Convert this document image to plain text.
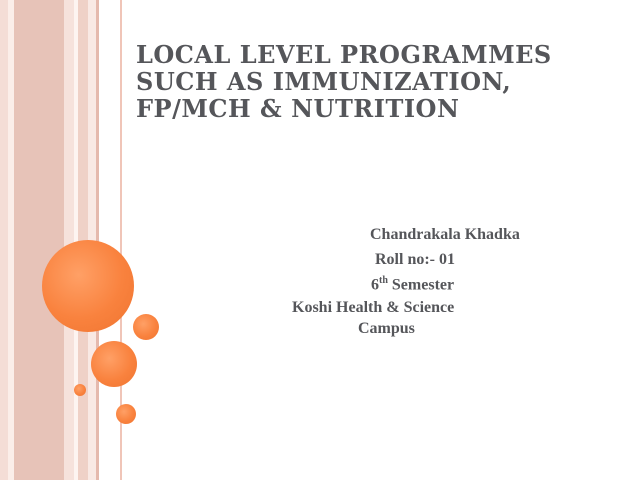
LOCAL LEVEL PROGRAMMES SUCH AS IMMUNIZATION, FP/MCH & NUTRITION
Chandrakala Khadka
Roll no:- 01
6th Semester
Koshi Health & Science
Campus
